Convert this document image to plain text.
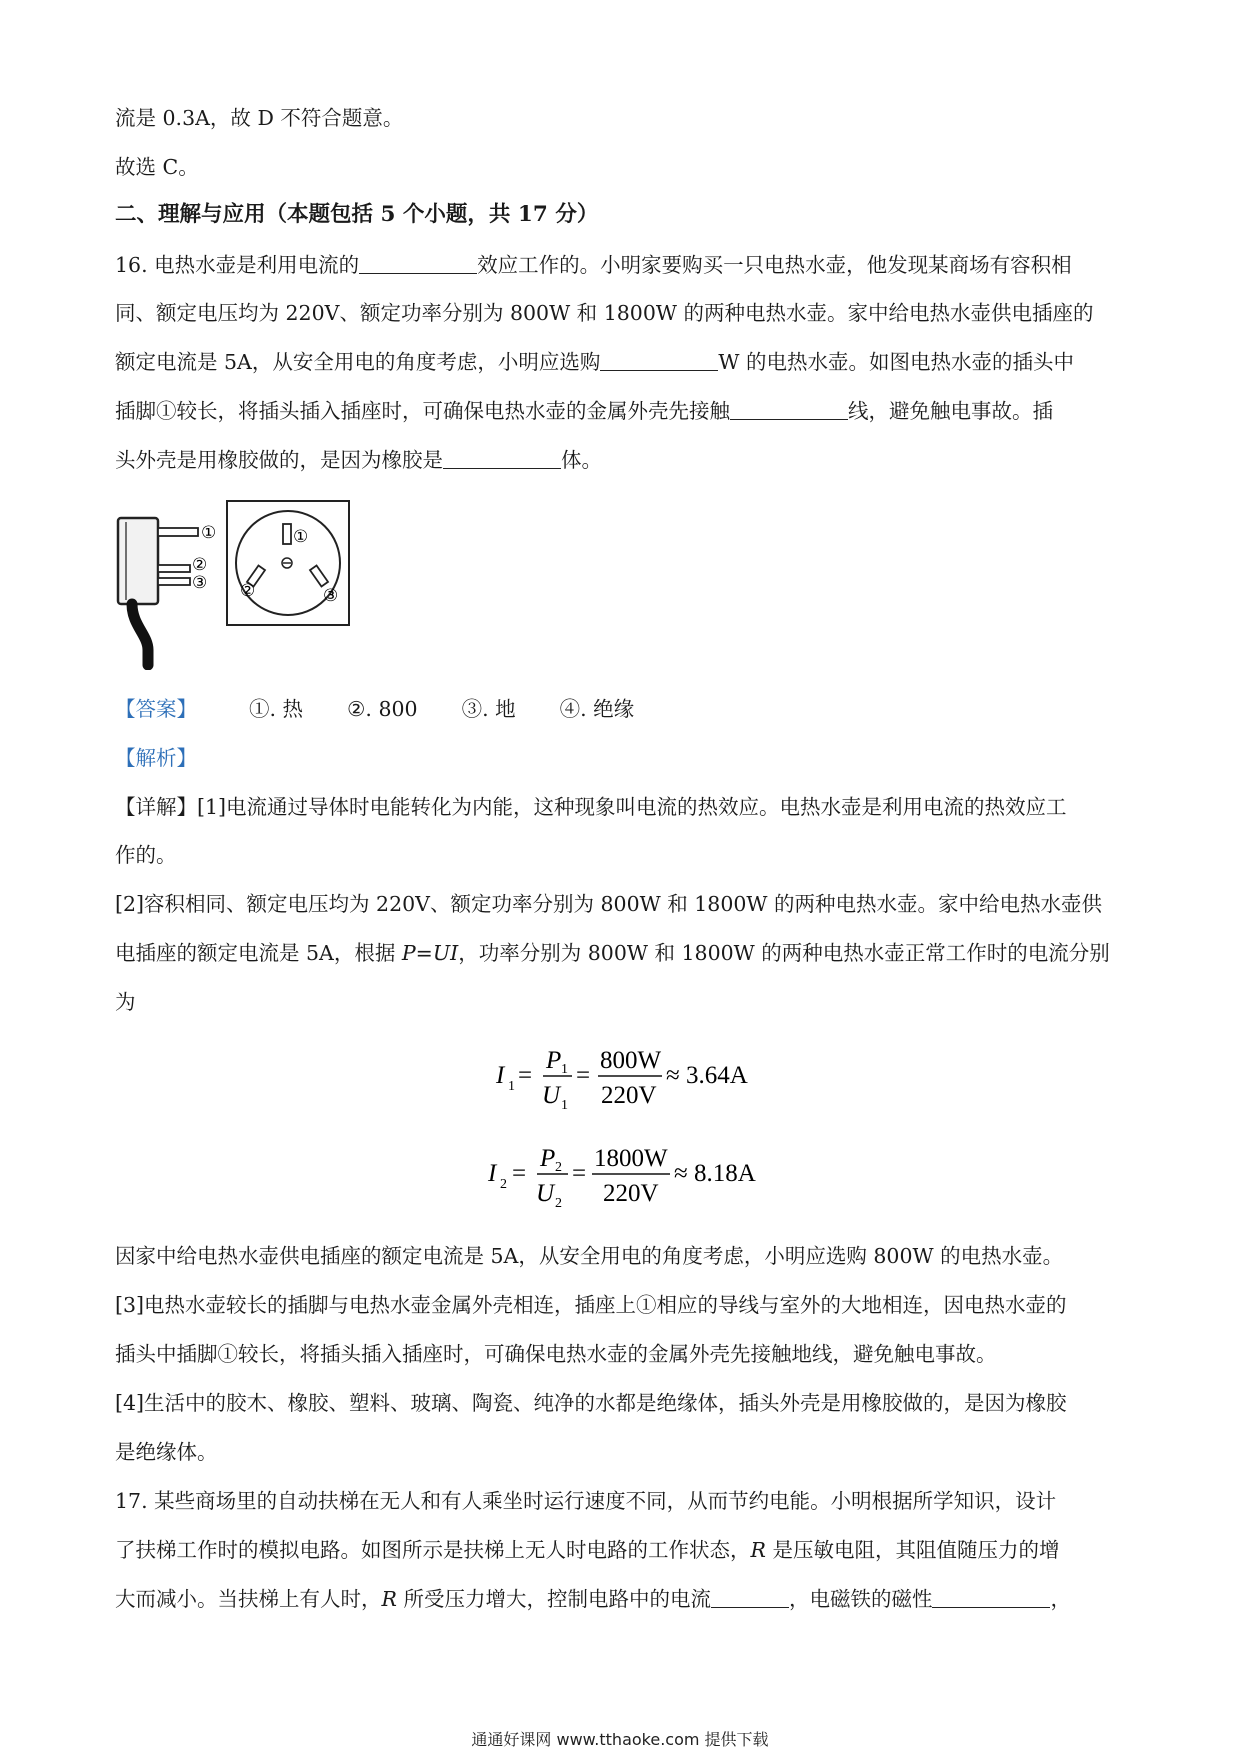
流是 0.3A，故 D 不符合题意。
故选 C。
二、理解与应用（本题包括 5 个小题，共 17 分）
16. 电热水壶是利用电流的	效应工作的。小明家要购买一只电热水壶，他发现某商场有容积相
同、额定电压均为 220V、额定功率分别为 800W 和 1800W 的两种电热水壶。家中给电热水壶供电插座的
额定电流是 5A，从安全用电的角度考虑，小明应选购	W 的电热水壶。如图电热水壶的插头中
插脚①较长，将插头插入插座时，可确保电热水壶的金属外壳先接触	线，避免触电事故。插
头外壳是用橡胶做的，是因为橡胶是	体。
①
②
③
①
②	③
【答案】	①. 热 ②. 800 ③. 地 ④. 绝缘
【解析】
【详解】[1]电流通过导体时电能转化为内能，这种现象叫电流的热效应。电热水壶是利用电流的热效应工
作的。
[2]容积相同、额定电压均为 220V、额定功率分别为 800W 和 1800W 的两种电热水壶。家中给电热水壶供
电插座的额定电流是 5A，根据 P=UI，功率分别为 800W 和 1800W 的两种电热水壶正常工作时的电流分别
为
I 1 =
P 1
U 1
=
800W
220V
≈ 3.64A
I 2 =
P 2
U 2
=
1800W
220V
≈ 8.18A
因家中给电热水壶供电插座的额定电流是 5A，从安全用电的角度考虑，小明应选购 800W 的电热水壶。
[3]电热水壶较长的插脚与电热水壶金属外壳相连，插座上①相应的导线与室外的大地相连，因电热水壶的
插头中插脚①较长，将插头插入插座时，可确保电热水壶的金属外壳先接触地线，避免触电事故。
[4]生活中的胶木、橡胶、塑料、玻璃、陶瓷、纯净的水都是绝缘体，插头外壳是用橡胶做的，是因为橡胶
是绝缘体。
17. 某些商场里的自动扶梯在无人和有人乘坐时运行速度不同，从而节约电能。小明根据所学知识，设计
了扶梯工作时的模拟电路。如图所示是扶梯上无人时电路的工作状态，R 是压敏电阻，其阻值随压力的增
大而减小。当扶梯上有人时，R 所受压力增大，控制电路中的电流	，电磁铁的磁性	，
通通好课网 www.tthaoke.com 提供下载
